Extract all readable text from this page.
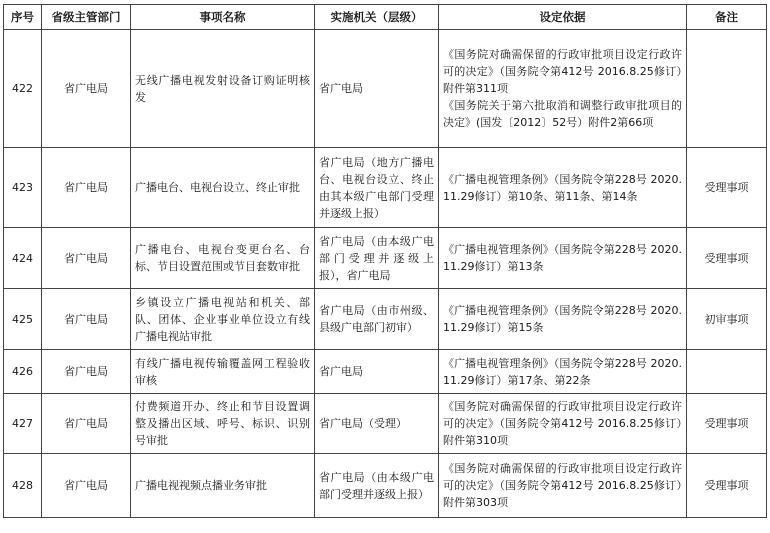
序号	省级主管部门	事项名称	实施机关（层级）	设定依据	备注
422	省广电局	无线广播电视发射设备订购证明核发	省广电局	《国务院对确需保留的行政审批项目设定行政许可的决定》（国务院令第412号 2016.8.25修订）附件第311项
《国务院关于第六批取消和调整行政审批项目的决定》(国发〔2012〕52号）附件2第66项	

423	省广电局	广播电台、电视台设立、终止审批	省广电局（地方广播电台、电视台设立、终止由其本级广电部门受理并逐级上报）	《广播电视管理条例》（国务院令第228号 2020.11.29修订）第10条、第11条、第14条	受理事项
424	省广电局	广播电台、电视台变更台名、台标、节目设置范围或节目套数审批	省广电局（由本级广电部门受理并逐级上报），省广电局	《广播电视管理条例》（国务院令第228号 2020.11.29修订）第13条	受理事项
425	省广电局	乡镇设立广播电视站和机关、部队、团体、企业事业单位设立有线广播电视站审批	省广电局（由市州级、县级广电部门初审）	《广播电视管理条例》（国务院令第228号 2020.11.29修订）第15条	初审事项
426	省广电局	有线广播电视传输覆盖网工程验收审核	省广电局	《广播电视管理条例》（国务院令第228号 2020.11.29修订）第17条、第22条	

427	省广电局	付费频道开办、终止和节目设置调整及播出区域、呼号、标识、识别号审批	省广电局（受理）	《国务院对确需保留的行政审批项目设定行政许可的决定》（国务院令第412号 2016.8.25修订）附件第310项	受理事项
428	省广电局	广播电视视频点播业务审批	省广电局（由本级广电部门受理并逐级上报）	《国务院对确需保留的行政审批项目设定行政许可的决定》（国务院令第412号 2016.8.25修订）附件第303项	受理事项
